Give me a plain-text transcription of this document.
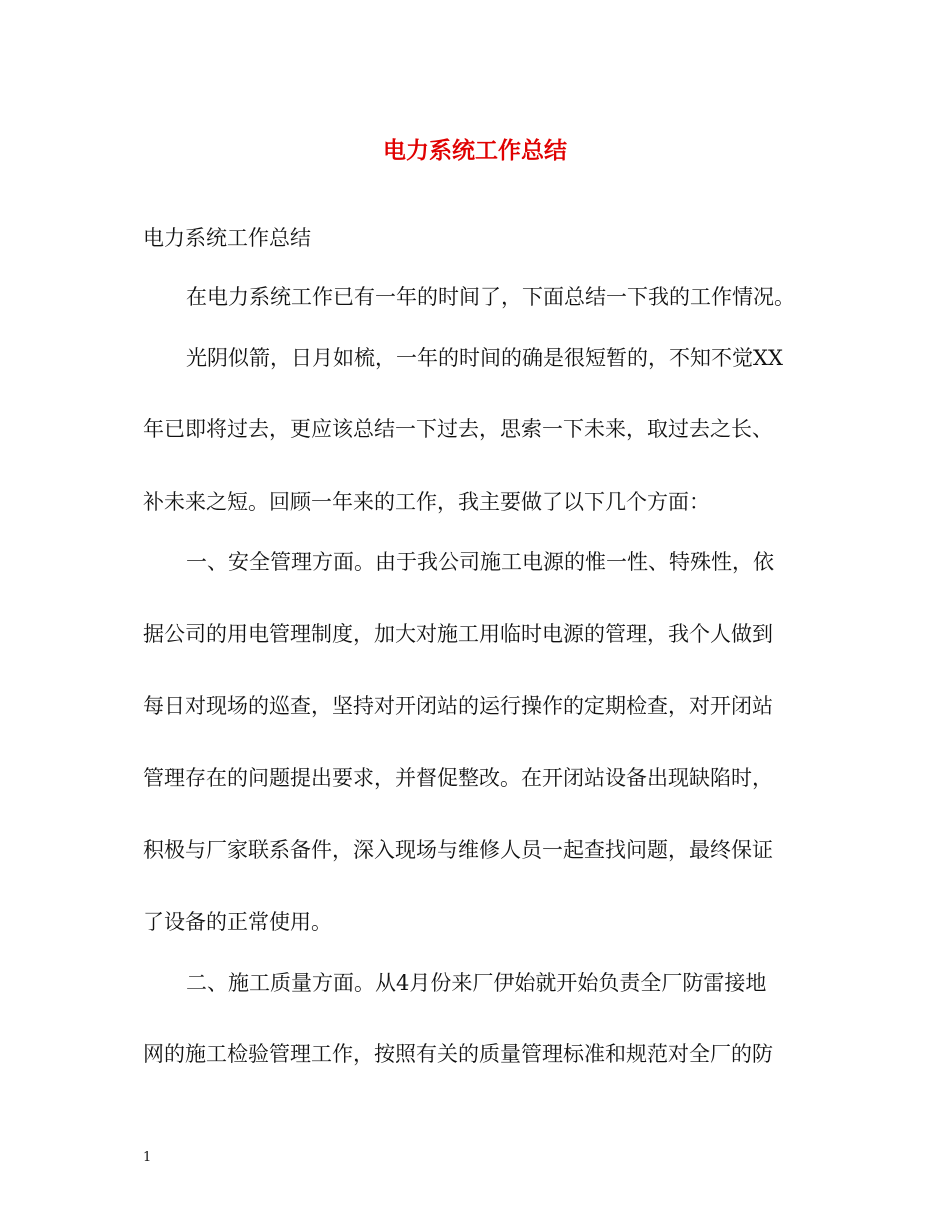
电力系统工作总结
电力系统工作总结
在电力系统工作已有一年的时间了，下面总结一下我的工作情况。
光阴似箭，日月如梳，一年的时间的确是很短暂的，不知不觉XX
年已即将过去，更应该总结一下过去，思索一下未来，取过去之长、
补未来之短。回顾一年来的工作，我主要做了以下几个方面：
一、安全管理方面。由于我公司施工电源的惟一性、特殊性，依
据公司的用电管理制度，加大对施工用临时电源的管理，我个人做到
每日对现场的巡查，坚持对开闭站的运行操作的定期检查，对开闭站
管理存在的问题提出要求，并督促整改。在开闭站设备出现缺陷时，
积极与厂家联系备件，深入现场与维修人员一起查找问题，最终保证
了设备的正常使用。
二、施工质量方面。从4月份来厂伊始就开始负责全厂防雷接地
网的施工检验管理工作，按照有关的质量管理标准和规范对全厂的防
1
